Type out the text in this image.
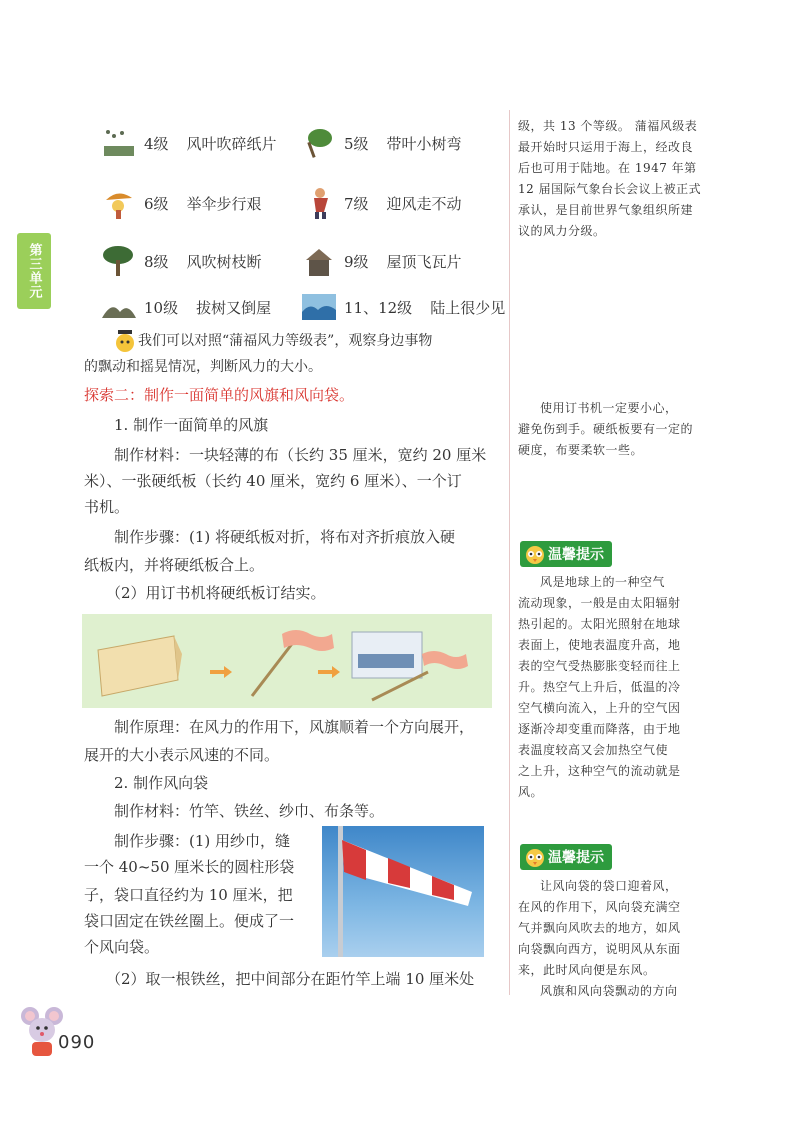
第三单元
4级 风叶吹碎纸片	5级 带叶小树弯
6级 举伞步行艰	7级 迎风走不动
8级 风吹树枝断	9级 屋顶飞瓦片
10级 拔树又倒屋	11、12级 陆上很少见
我们可以对照“蒲福风力等级表”，观察身边事物
的飘动和摇晃情况，判断风力的大小。
探索二：制作一面简单的风旗和风向袋。
1. 制作一面简单的风旗
制作材料：一块轻薄的布（长约 35 厘米，宽约 20 厘米
米）、一张硬纸板（长约 40 厘米，宽约 6 厘米）、一个订
书机。
制作步骤：(1) 将硬纸板对折，将布对齐折痕放入硬
纸板内，并将硬纸板合上。
（2）用订书机将硬纸板订结实。
制作原理：在风力的作用下，风旗顺着一个方向展开，
展开的大小表示风速的不同。
2. 制作风向袋
制作材料：竹竿、铁丝、纱巾、布条等。
制作步骤：(1) 用纱巾，缝
一个 40~50 厘米长的圆柱形袋
子，袋口直径约为 10 厘米，把
袋口固定在铁丝圈上。便成了一
个风向袋。
（2）取一根铁丝，把中间部分在距竹竿上端 10 厘米处
级，共 13 个等级。 蒲福风级表
最开始时只运用于海上，经改良
后也可用于陆地。在 1947 年第
12 届国际气象台长会议上被正式
承认，是目前世界气象组织所建
议的风力分级。
使用订书机一定要小心，
避免伤到手。硬纸板要有一定的
硬度，布要柔软一些。
温馨提示
风是地球上的一种空气
流动现象，一般是由太阳辐射
热引起的。太阳光照射在地球
表面上，使地表温度升高，地
表的空气受热膨胀变轻而往上
升。热空气上升后，低温的冷
空气横向流入，上升的空气因
逐渐冷却变重而降落，由于地
表温度较高又会加热空气使
之上升，这种空气的流动就是
风。
温馨提示
让风向袋的袋口迎着风，
在风的作用下，风向袋充满空
气并飘向风吹去的地方，如风
向袋飘向西方，说明风从东面
来，此时风向便是东风。
风旗和风向袋飘动的方向
090
